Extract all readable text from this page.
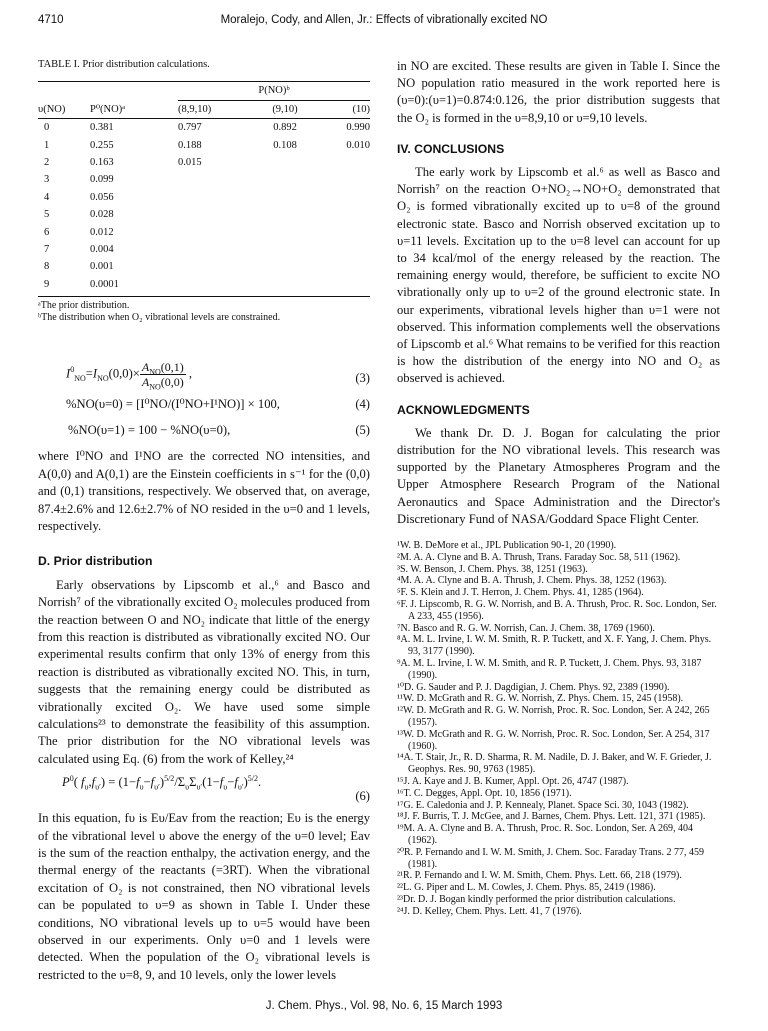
4710	Moralejo, Cody, and Allen, Jr.: Effects of vibrationally excited NO
TABLE I. Prior distribution calculations.
		P(NO)ᵇ		
υ(NO)	P⁰(NO)ᵃ	(8,9,10)	(9,10)	(10)
0	0.381	0.797	0.892	0.990
1	0.255	0.188	0.108	0.010
2	0.163	0.015		
3	0.099			
4	0.056			
5	0.028			
6	0.012			
7	0.004			
8	0.001			
9	0.0001			
ᵃThe prior distribution.
ᵇThe distribution when O₂ vibrational levels are constrained.
$I^0_{NO}=I_{NO}(0,0)\times \frac{A_{NO}(0,1)}{A_{NO}(0,0)}$ ,	(3)
%NO(υ=0) = [I⁰NO/(I⁰NO+I¹NO)] × 100,	(4)
%NO(υ=1) = 100 − %NO(υ=0),	(5)

where I⁰NO and I¹NO are the corrected NO intensities, and A(0,0) and A(0,1) are the Einstein coefficients in s⁻¹ for the (0,0) and (0,1) transitions, respectively. We observed that, on average, 87.4±2.6% and 12.6±2.7% of NO resided in the υ=0 and 1 levels, respectively.

D. Prior distribution

Early observations by Lipscomb et al.,⁶ and Basco and Norrish⁷ of the vibrationally excited O₂ molecules produced from the reaction between O and NO₂ indicate that little of the energy from this reaction is distributed as vibrationally excited NO. Our experimental results confirm that only 13% of energy from this reaction is distributed as vibrationally excited NO. This, in turn, suggests that the remaining energy could be distributed as vibrationally excited O₂. We have used some simple calculations²³ to demonstrate the feasibility of this assumption. The prior distribution for the NO vibrational levels was calculated using Eq. (6) from the work of Kelley,²⁴

$P^0$( $f_\upsilon,f_{\upsilon'}) = (1-f_\upsilon-f_{\upsilon'})^{5/2}/\Sigma_\upsilon\Sigma_{\upsilon'}(1-f_\upsilon-f_{\upsilon'})^{5/2}$.
(6)

In this equation, fυ is Eυ/Eav from the reaction; Eυ is the energy of the vibrational level υ above the energy of the υ=0 level; Eav is the sum of the reaction enthalpy, the activation energy, and the thermal energy of the reactants (=3RT). When the vibrational excitation of O₂ is not constrained, then NO vibrational levels can be populated to υ=9 as shown in Table I. Under these conditions, NO vibrational levels up to υ=5 would have been observed in our experiments. Only υ=0 and 1 levels were detected. When the population of the O₂ vibrational levels is restricted to the υ=8, 9, and 10 levels, only the lower levels

in NO are excited. These results are given in Table I. Since the NO population ratio measured in the work reported here is (υ=0):(υ=1)=0.874:0.126, the prior distribution suggests that the O₂ is formed in the υ=8,9,10 or υ=9,10 levels.

IV. CONCLUSIONS

The early work by Lipscomb et al.⁶ as well as Basco and Norrish⁷ on the reaction O+NO₂→NO+O₂ demonstrated that O₂ is formed vibrationally excited up to υ=8 of the ground electronic state. Basco and Norrish observed excitation up to υ=11 levels. Excitation up to the υ=8 level can account for up to 34 kcal/mol of the energy released by the reaction. The remaining energy would, therefore, be sufficient to excite NO vibrationally only up to υ=2 of the ground electronic state. In our experiments, vibrational levels higher than υ=1 were not observed. This information complements well the observations of Lipscomb et al.⁶ What remains to be verified for this reaction is how the distribution of the energy into NO and O₂ as observed is achieved.

ACKNOWLEDGMENTS

We thank Dr. D. J. Bogan for calculating the prior distribution for the NO vibrational levels. This research was supported by the Planetary Atmospheres Program and the Upper Atmosphere Research Program of the National Aeronautics and Space Administration and the Director's Discretionary Fund of NASA/Goddard Space Flight Center.

¹W. B. DeMore et al., JPL Publication 90-1, 20 (1990).
²M. A. A. Clyne and B. A. Thrush, Trans. Faraday Soc. 58, 511 (1962).
³S. W. Benson, J. Chem. Phys. 38, 1251 (1963).
⁴M. A. A. Clyne and B. A. Thrush, J. Chem. Phys. 38, 1252 (1963).
⁵F. S. Klein and J. T. Herron, J. Chem. Phys. 41, 1285 (1964).
⁶F. J. Lipscomb, R. G. W. Norrish, and B. A. Thrush, Proc. R. Soc. London, Ser. A 233, 455 (1956).
⁷N. Basco and R. G. W. Norrish, Can. J. Chem. 38, 1769 (1960).
⁸A. M. L. Irvine, I. W. M. Smith, R. P. Tuckett, and X. F. Yang, J. Chem. Phys. 93, 3177 (1990).
⁹A. M. L. Irvine, I. W. M. Smith, and R. P. Tuckett, J. Chem. Phys. 93, 3187 (1990).
¹⁰D. G. Sauder and P. J. Dagdigian, J. Chem. Phys. 92, 2389 (1990).
¹¹W. D. McGrath and R. G. W. Norrish, Z. Phys. Chem. 15, 245 (1958).
¹²W. D. McGrath and R. G. W. Norrish, Proc. R. Soc. London, Ser. A 242, 265 (1957).
¹³W. D. McGrath and R. G. W. Norrish, Proc. R. Soc. London, Ser. A 254, 317 (1960).
¹⁴A. T. Stair, Jr., R. D. Sharma, R. M. Nadile, D. J. Baker, and W. F. Grieder, J. Geophys. Res. 90, 9763 (1985).
¹⁵J. A. Kaye and J. B. Kumer, Appl. Opt. 26, 4747 (1987).
¹⁶T. C. Degges, Appl. Opt. 10, 1856 (1971).
¹⁷G. E. Caledonia and J. P. Kennealy, Planet. Space Sci. 30, 1043 (1982).
¹⁸J. F. Burris, T. J. McGee, and J. Barnes, Chem. Phys. Lett. 121, 371 (1985).
¹⁹M. A. A. Clyne and B. A. Thrush, Proc. R. Soc. London, Ser. A 269, 404 (1962).
²⁰R. P. Fernando and I. W. M. Smith, J. Chem. Soc. Faraday Trans. 2 77, 459 (1981).
²¹R. P. Fernando and I. W. M. Smith, Chem. Phys. Lett. 66, 218 (1979).
²²L. G. Piper and L. M. Cowles, J. Chem. Phys. 85, 2419 (1986).
²³Dr. D. J. Bogan kindly performed the prior distribution calculations.
²⁴J. D. Kelley, Chem. Phys. Lett. 41, 7 (1976).
J. Chem. Phys., Vol. 98, No. 6, 15 March 1993
